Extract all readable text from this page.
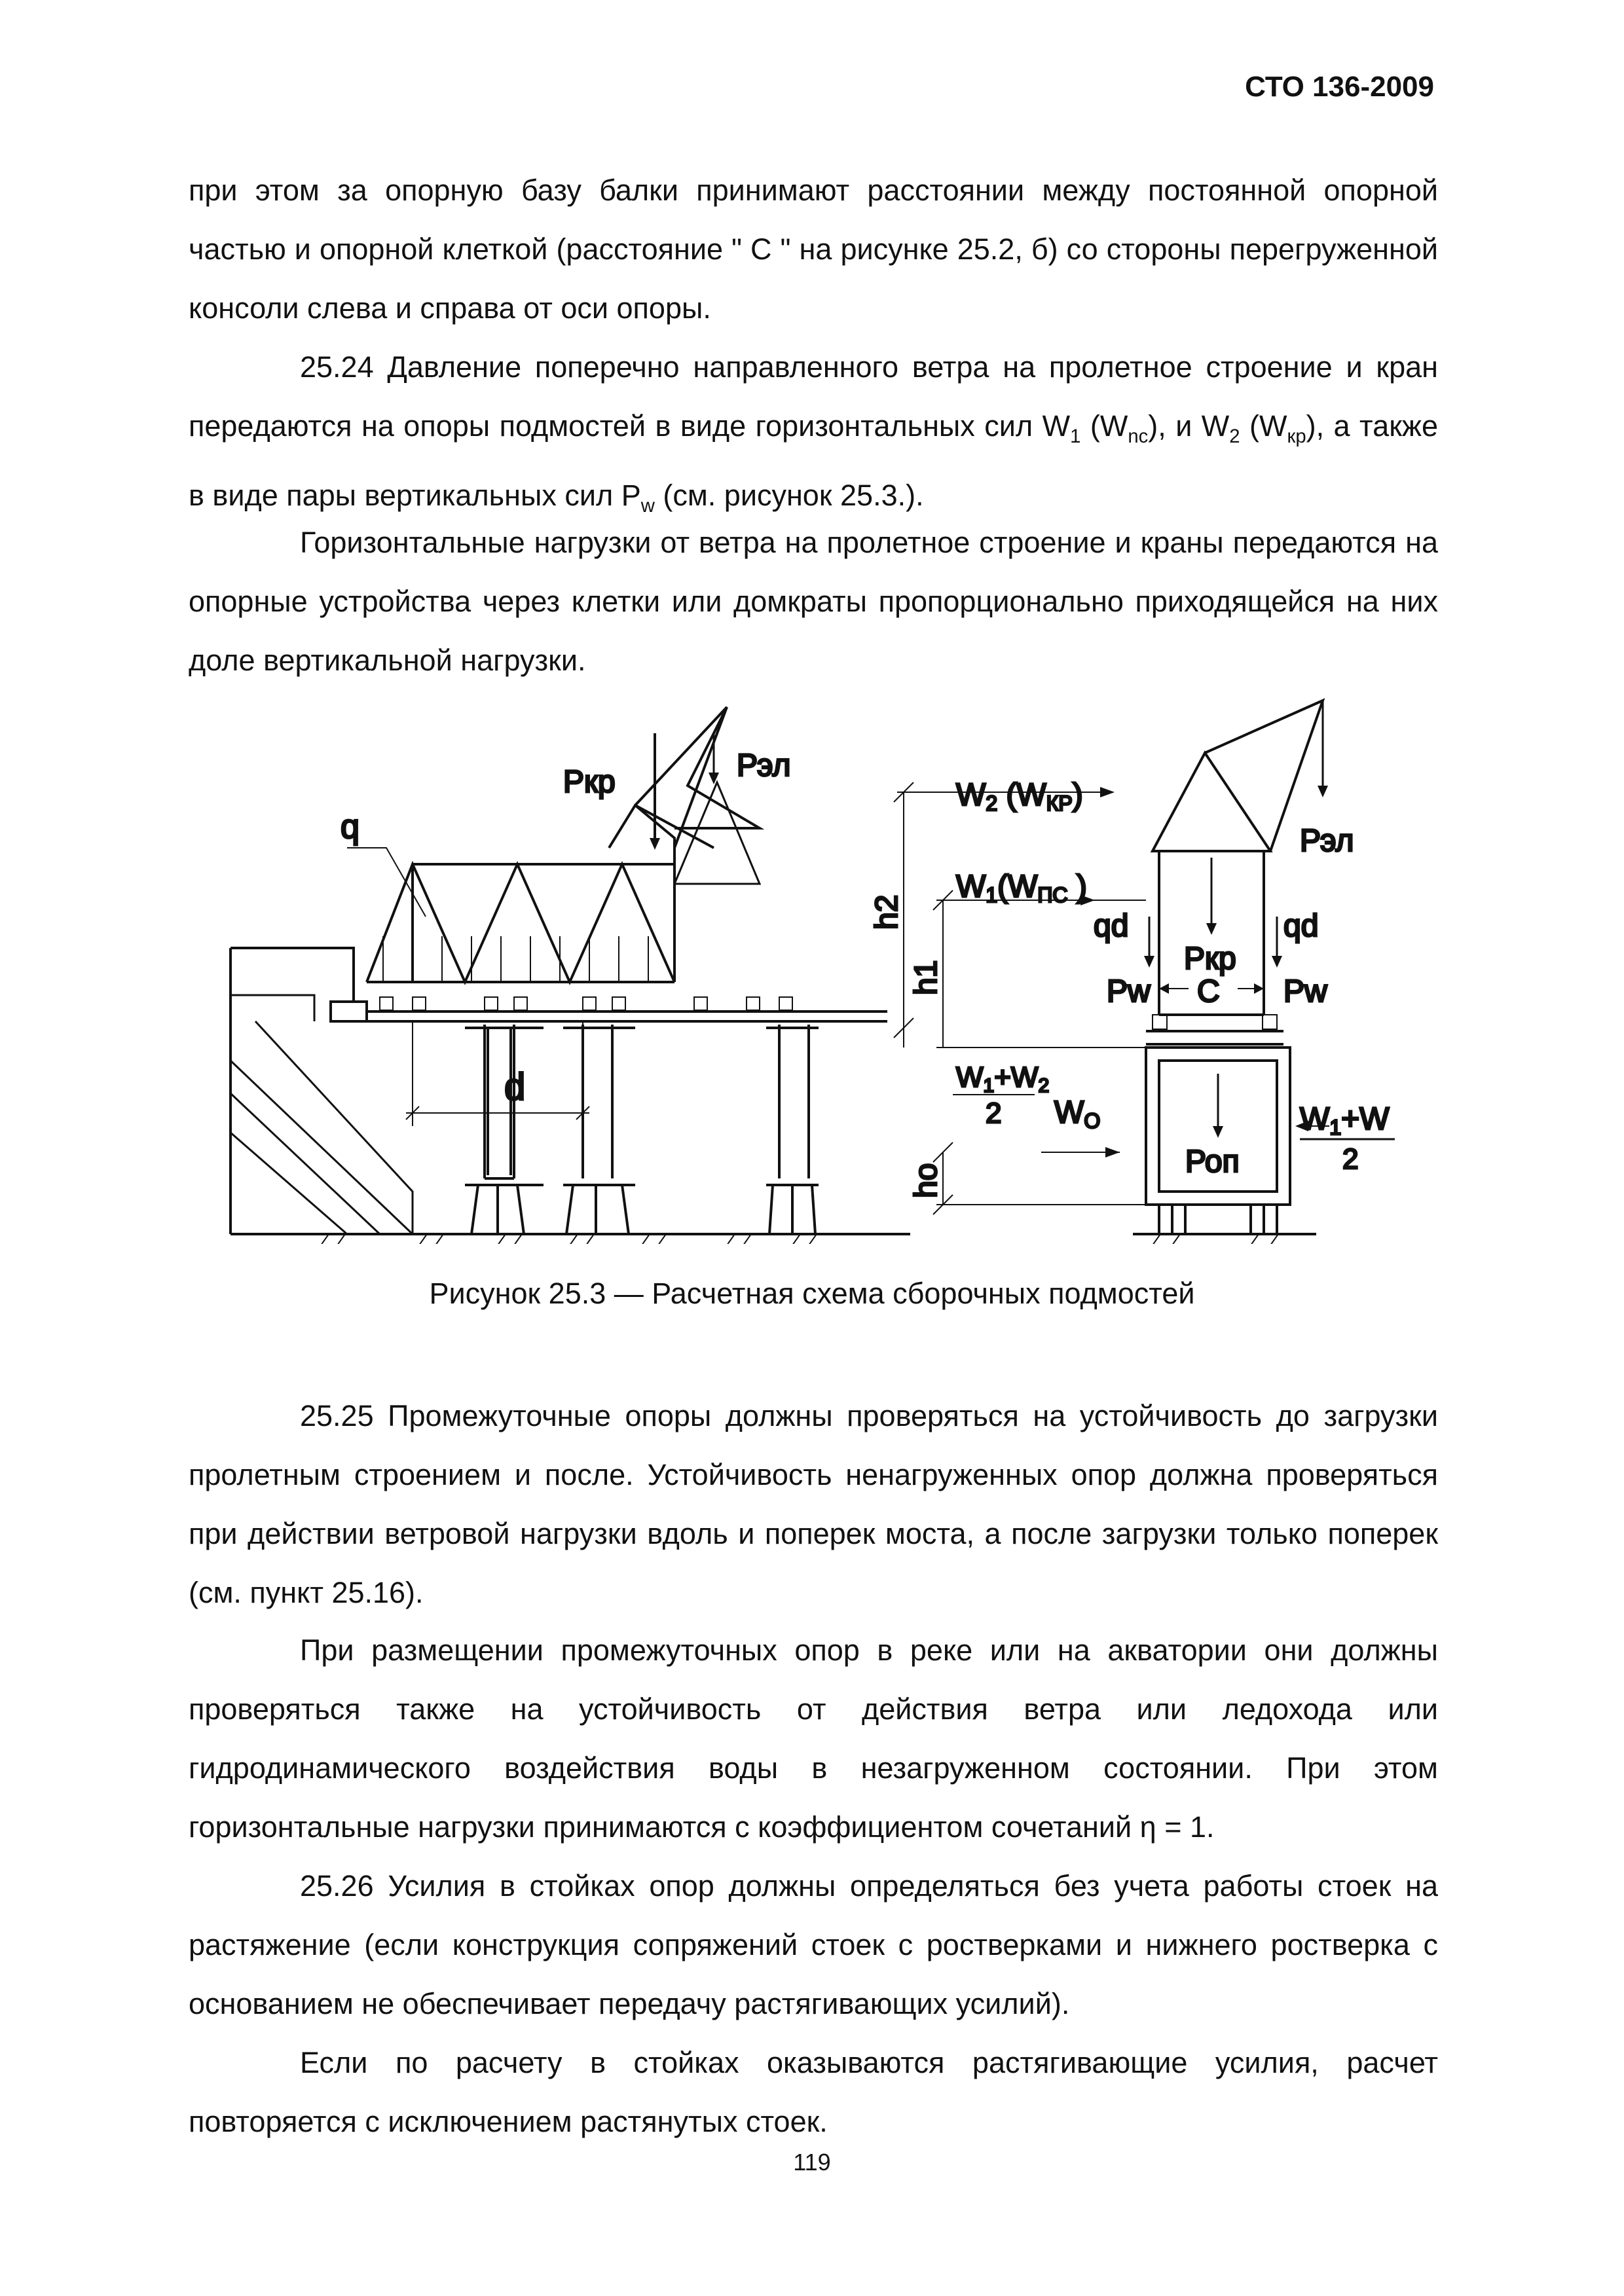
СТО 136-2009

при этом за опорную базу балки принимают расстоянии между постоянной опорной частью и опорной клеткой (расстояние " С " на рисунке 25.2, б) со стороны перегруженной консоли слева и справа от оси опоры.

25.24 Давление поперечно направленного ветра на пролетное строение и кран передаются на опоры подмостей в виде горизонтальных сил $W_1$ $(W_{nc})$, и $W_2$ $(W_{кр})$, а также в виде пары вертикальных сил $P_w$ (см. рисунок 25.3.).

Горизонтальные нагрузки от ветра на пролетное строение и краны передаются на опорные устройства через клетки или домкраты пропорционально приходящейся на них доле вертикальной нагрузки.

q
Ркр	Рэл
d
W2 (WКР)
W1(WПС )
h2
h1
ho
W1+W2
2 WO
qd	qd
Pw	Pw
C
Ркр
Рэл
Роп
W1+W
2

Рисунок 25.3 — Расчетная схема сборочных подмостей

25.25 Промежуточные опоры должны проверяться на устойчивость до загрузки пролетным строением и после. Устойчивость ненагруженных опор должна проверяться при действии ветровой нагрузки вдоль и поперек моста, а после загрузки только поперек (см. пункт 25.16).

При размещении промежуточных опор в реке или на акватории они должны проверяться также на устойчивость от действия ветра или ледохода или гидродинамического воздействия воды в незагруженном состоянии. При этом горизонтальные нагрузки принимаются с коэффициентом сочетаний η = 1.

25.26 Усилия в стойках опор должны определяться без учета работы стоек на растяжение (если конструкция сопряжений стоек с ростверками и нижнего ростверка с основанием не обеспечивает передачу растягивающих усилий).

Если по расчету в стойках оказываются растягивающие усилия, расчет повторяется с исключением растянутых стоек.

119
